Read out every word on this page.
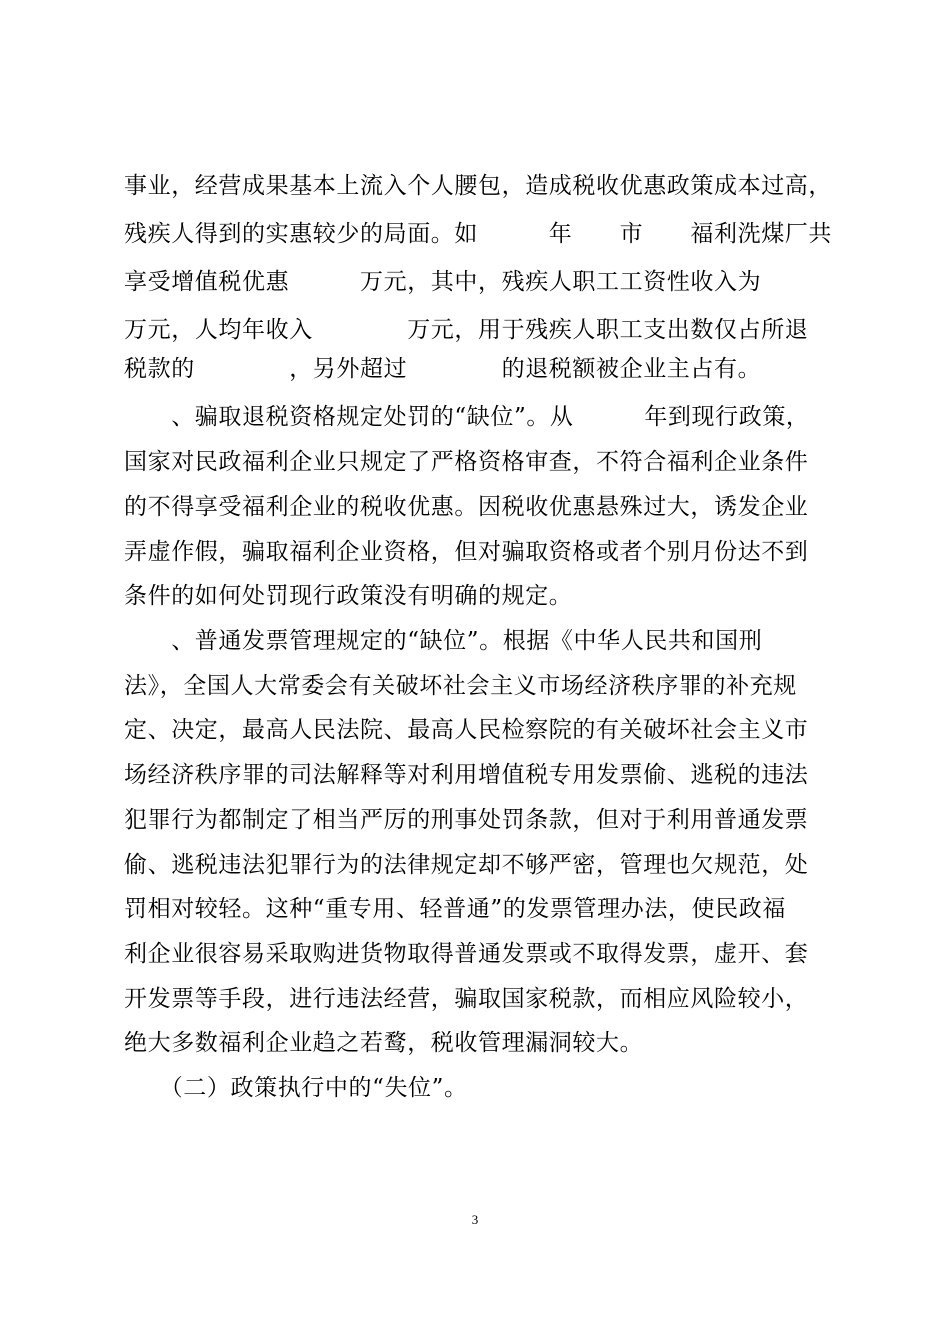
事业，经营成果基本上流入个人腰包，造成税收优惠政策成本过高，
残疾人得到的实惠较少的局面。如　　　年　　市　　福利洗煤厂共
享受增值税优惠　　　万元，其中，残疾人职工工资性收入为
万元，人均年收入　　　　万元，用于残疾人职工支出数仅占所退
税款的　　　　，另外超过　　　　的退税额被企业主占有。
　　、骗取退税资格规定处罚的“缺位”。从　　　年到现行政策，
国家对民政福利企业只规定了严格资格审查，不符合福利企业条件
的不得享受福利企业的税收优惠。因税收优惠悬殊过大，诱发企业
弄虚作假，骗取福利企业资格，但对骗取资格或者个别月份达不到
条件的如何处罚现行政策没有明确的规定。
　　、普通发票管理规定的“缺位”。根据《中华人民共和国刑
法》，全国人大常委会有关破坏社会主义市场经济秩序罪的补充规
定、决定，最高人民法院、最高人民检察院的有关破坏社会主义市
场经济秩序罪的司法解释等对利用增值税专用发票偷、逃税的违法
犯罪行为都制定了相当严厉的刑事处罚条款，但对于利用普通发票
偷、逃税违法犯罪行为的法律规定却不够严密，管理也欠规范，处
罚相对较轻。这种“重专用、轻普通”的发票管理办法，使民政福
利企业很容易采取购进货物取得普通发票或不取得发票，虚开、套
开发票等手段，进行违法经营，骗取国家税款，而相应风险较小，
绝大多数福利企业趋之若鹜，税收管理漏洞较大。
　　（二）政策执行中的“失位”。
3
